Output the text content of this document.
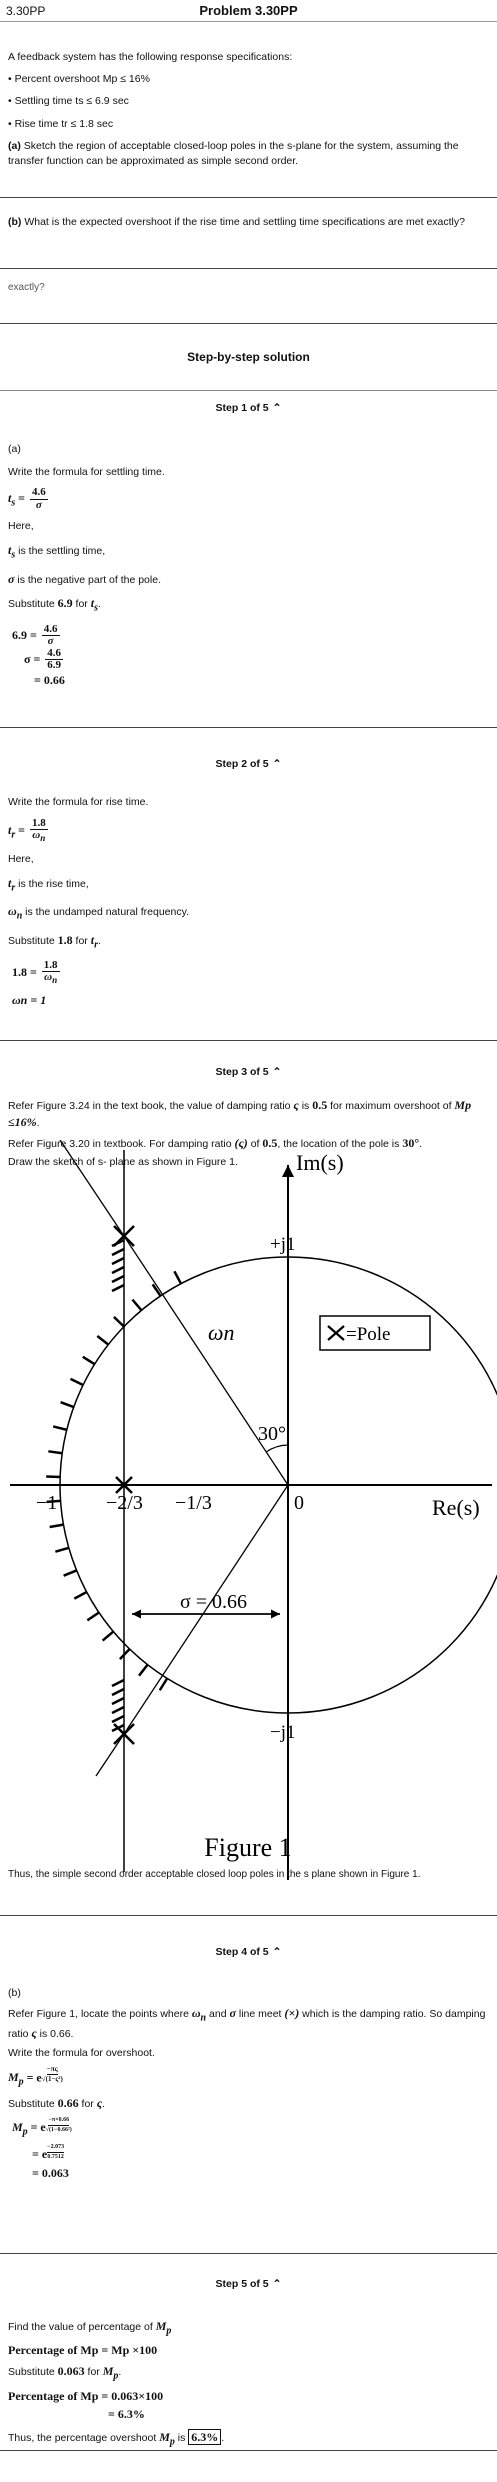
3.30PP	Problem 3.30PP

A feedback system has the following response specifications:

• Percent overshoot Mp ≤ 16%

• Settling time ts ≤ 6.9 sec

• Rise time tr ≤ 1.8 sec

(a) Sketch the region of acceptable closed-loop poles in the s-plane for the system, assuming the transfer function can be approximated as simple second order.

(b) What is the expected overshoot if the rise time and settling time specifications are met exactly?

exactly?
Step-by-step solution
Step 1 of 5 ⌃

(a)

Write the formula for settling time.

$t_s = \frac{4.6}{\sigma}$

Here,

$t_s$ is the settling time,

σ is the negative part of the pole.

Substitute 6.9 for $t_s$.

$6.9 = \frac{4.6}{\sigma}$
$\sigma = \frac{4.6}{6.9}$
= 0.66
Step 2 of 5 ⌃

Write the formula for rise time.

$t_r = \frac{1.8}{\omega_n}$

Here,

$t_r$ is the rise time,

$\omega_n$ is the undamped natural frequency.

Substitute 1.8 for $t_r$.

$1.8 = \frac{1.8}{\omega_n}$
ωn = 1
Step 3 of 5 ⌃

Refer Figure 3.24 in the text book, the value of damping ratio ς is 0.5 for maximum overshoot of Mp ≤16%.

Refer Figure 3.20 in textbook. For damping ratio (ς) of 0.5, the location of the pole is 30°.

Draw the sketch of s- plane as shown in Figure 1.

=Pole
Im(s)
Re(s)
+j1
−j1
0
−1 −2/3 −1/3
30°
ωn
σ = 0.66
Figure 1
Thus, the simple second order acceptable closed loop poles in the s plane shown in Figure 1.
Step 4 of 5 ⌃

(b)

Refer Figure 1, locate the points where $\omega_n$ and σ line meet (×) which is the damping ratio. So damping ratio ς is 0.66.

Write the formula for overshoot.

$M_p = e$ $^{\frac{-\pi\varsigma}{\text{√(1−ς²)}}}$

Substitute 0.66 for ς.

$M_p = e$ $^{\frac{-\pi\times 0.66}{\text{√(1−0.66²)}}}$
= e $^{\frac{-2.073}{0.7512}}$
= 0.063
Step 5 of 5 ⌃

Find the value of percentage of $M_p$

Percentage of Mp = Mp ×100

Substitute 0.063 for $M_p$.

Percentage of Mp = 0.063×100

= 6.3%

Thus, the percentage overshoot $M_p$ is 6.3% .
